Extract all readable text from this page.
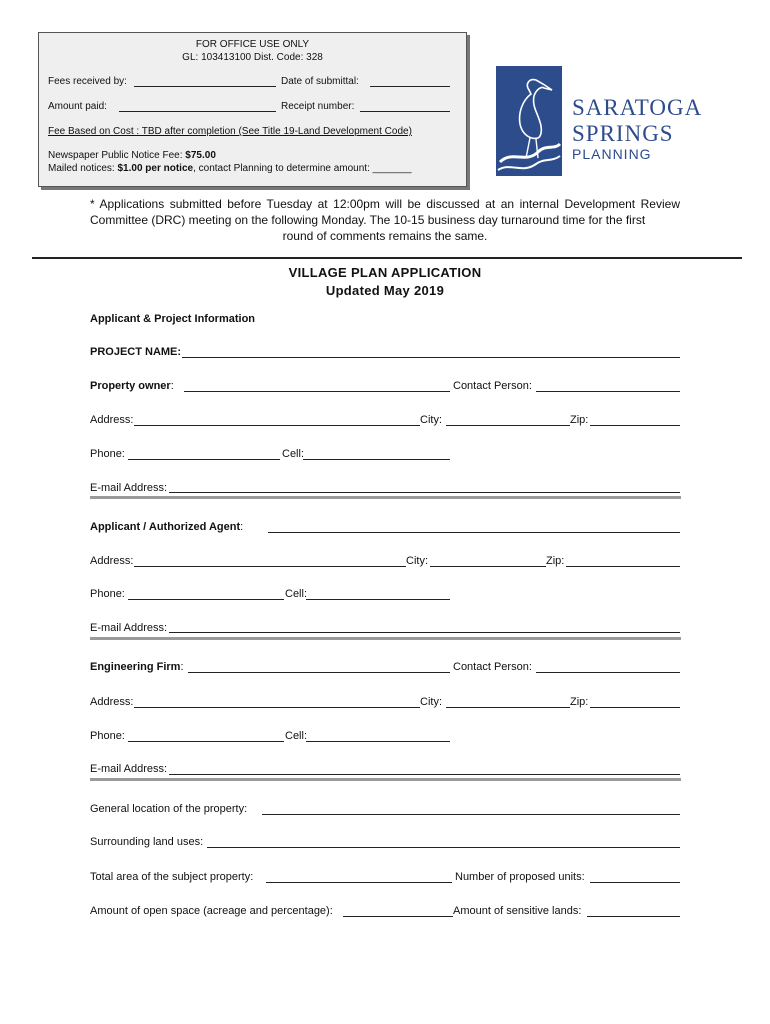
FOR OFFICE USE ONLY
GL: 103413100 Dist. Code: 328
Fees received by:	Date of submittal:
Amount paid:	Receipt number:
Fee Based on Cost : TBD after completion (See Title 19-Land Development Code)
Newspaper Public Notice Fee: $75.00
Mailed notices: $1.00 per notice, contact Planning to determine amount: _______
SARATOGA
SPRINGS
PLANNING
* Applications submitted before Tuesday at 12:00pm will be discussed at an internal Development Review Committee (DRC) meeting on the following Monday. The 10-15 business day turnaround time for the first
round of comments remains the same.
VILLAGE PLAN APPLICATION
Updated May 2019
Applicant & Project Information
PROJECT NAME:
Property owner:	Contact Person:
Address:	City:	Zip:
Phone:	Cell:
E-mail Address:
Applicant / Authorized Agent:
Address:	City:	Zip:
Phone:	Cell:
E-mail Address:
Engineering Firm:	Contact Person:
Address:	City:	Zip:
Phone:	Cell:
E-mail Address:
General location of the property:
Surrounding land uses:
Total area of the subject property:	Number of proposed units:
Amount of open space (acreage and percentage):	Amount of sensitive lands:
